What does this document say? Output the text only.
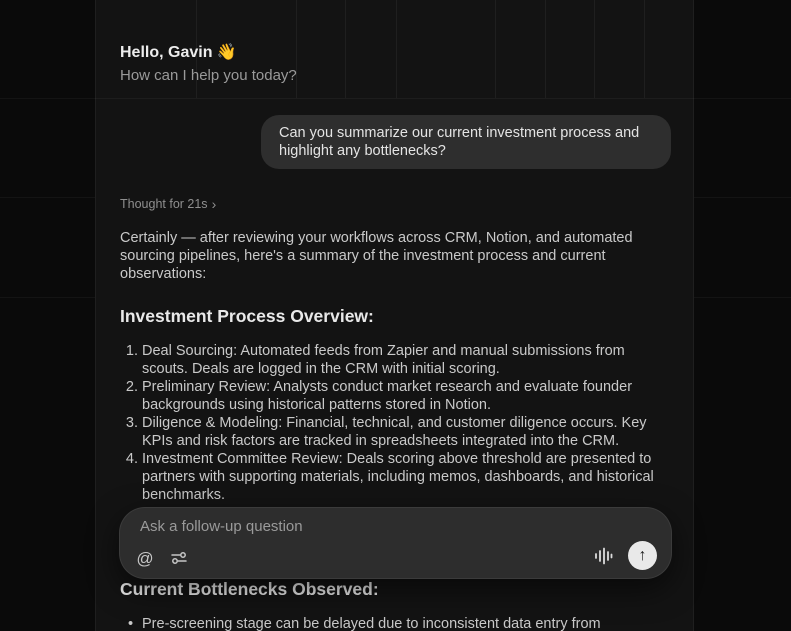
Hello, Gavin 👋
How can I help you today?
Can you summarize our current investment process and highlight any bottlenecks?
Thought for 21s ›

Certainly — after reviewing your workflows across CRM, Notion, and automated sourcing pipelines, here's a summary of the investment process and current observations:

Investment Process Overview:
1. Deal Sourcing: Automated feeds from Zapier and manual submissions from scouts. Deals are logged in the CRM with initial scoring.
2. Preliminary Review: Analysts conduct market research and evaluate founder backgrounds using historical patterns stored in Notion.
3. Diligence & Modeling: Financial, technical, and customer diligence occurs. Key KPIs and risk factors are tracked in spreadsheets integrated into the CRM.
4. Investment Committee Review: Deals scoring above threshold are presented to partners with supporting materials, including memos, dashboards, and historical benchmarks.
Current Bottlenecks Observed:
• Pre-screening stage can be delayed due to inconsistent data entry from
Ask a follow-up question
@	↑
